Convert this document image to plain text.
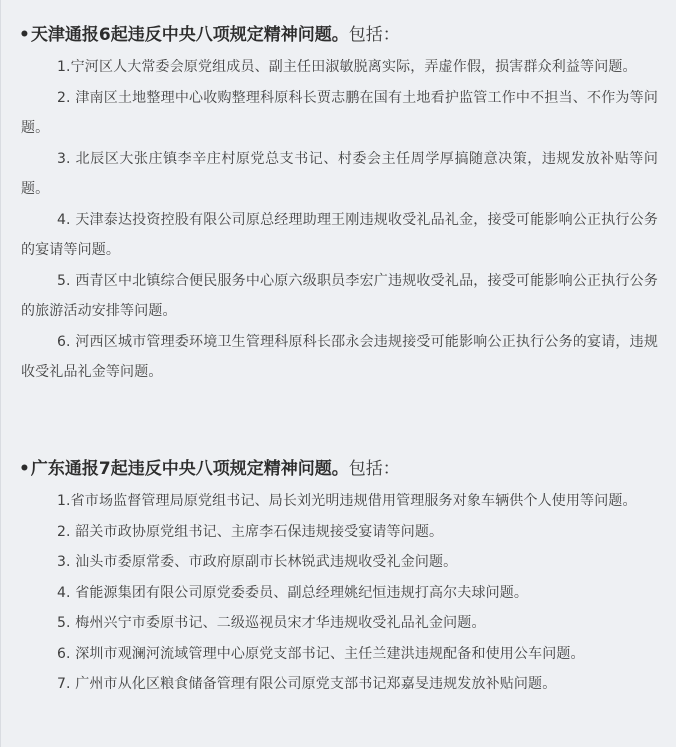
•天津通报6起违反中央八项规定精神问题。包括：

1.宁河区人大常委会原党组成员、副主任田淑敏脱离实际，弄虚作假，损害群众利益等问题。

2. 津南区土地整理中心收购整理科原科长贾志鹏在国有土地看护监管工作中不担当、不作为等问题。

3. 北辰区大张庄镇李辛庄村原党总支书记、村委会主任周学厚搞随意决策，违规发放补贴等问题。

4. 天津泰达投资控股有限公司原总经理助理王刚违规收受礼品礼金，接受可能影响公正执行公务的宴请等问题。

5. 西青区中北镇综合便民服务中心原六级职员李宏广违规收受礼品，接受可能影响公正执行公务的旅游活动安排等问题。

6. 河西区城市管理委环境卫生管理科原科长邵永会违规接受可能影响公正执行公务的宴请，违规收受礼品礼金等问题。

•广东通报7起违反中央八项规定精神问题。包括：

1.省市场监督管理局原党组书记、局长刘光明违规借用管理服务对象车辆供个人使用等问题。

2. 韶关市政协原党组书记、主席李石保违规接受宴请等问题。

3. 汕头市委原常委、市政府原副市长林锐武违规收受礼金问题。

4. 省能源集团有限公司原党委委员、副总经理姚纪恒违规打高尔夫球问题。

5. 梅州兴宁市委原书记、二级巡视员宋才华违规收受礼品礼金问题。

6. 深圳市观澜河流域管理中心原党支部书记、主任兰建洪违规配备和使用公车问题。

7. 广州市从化区粮食储备管理有限公司原党支部书记郑嘉旻违规发放补贴问题。
